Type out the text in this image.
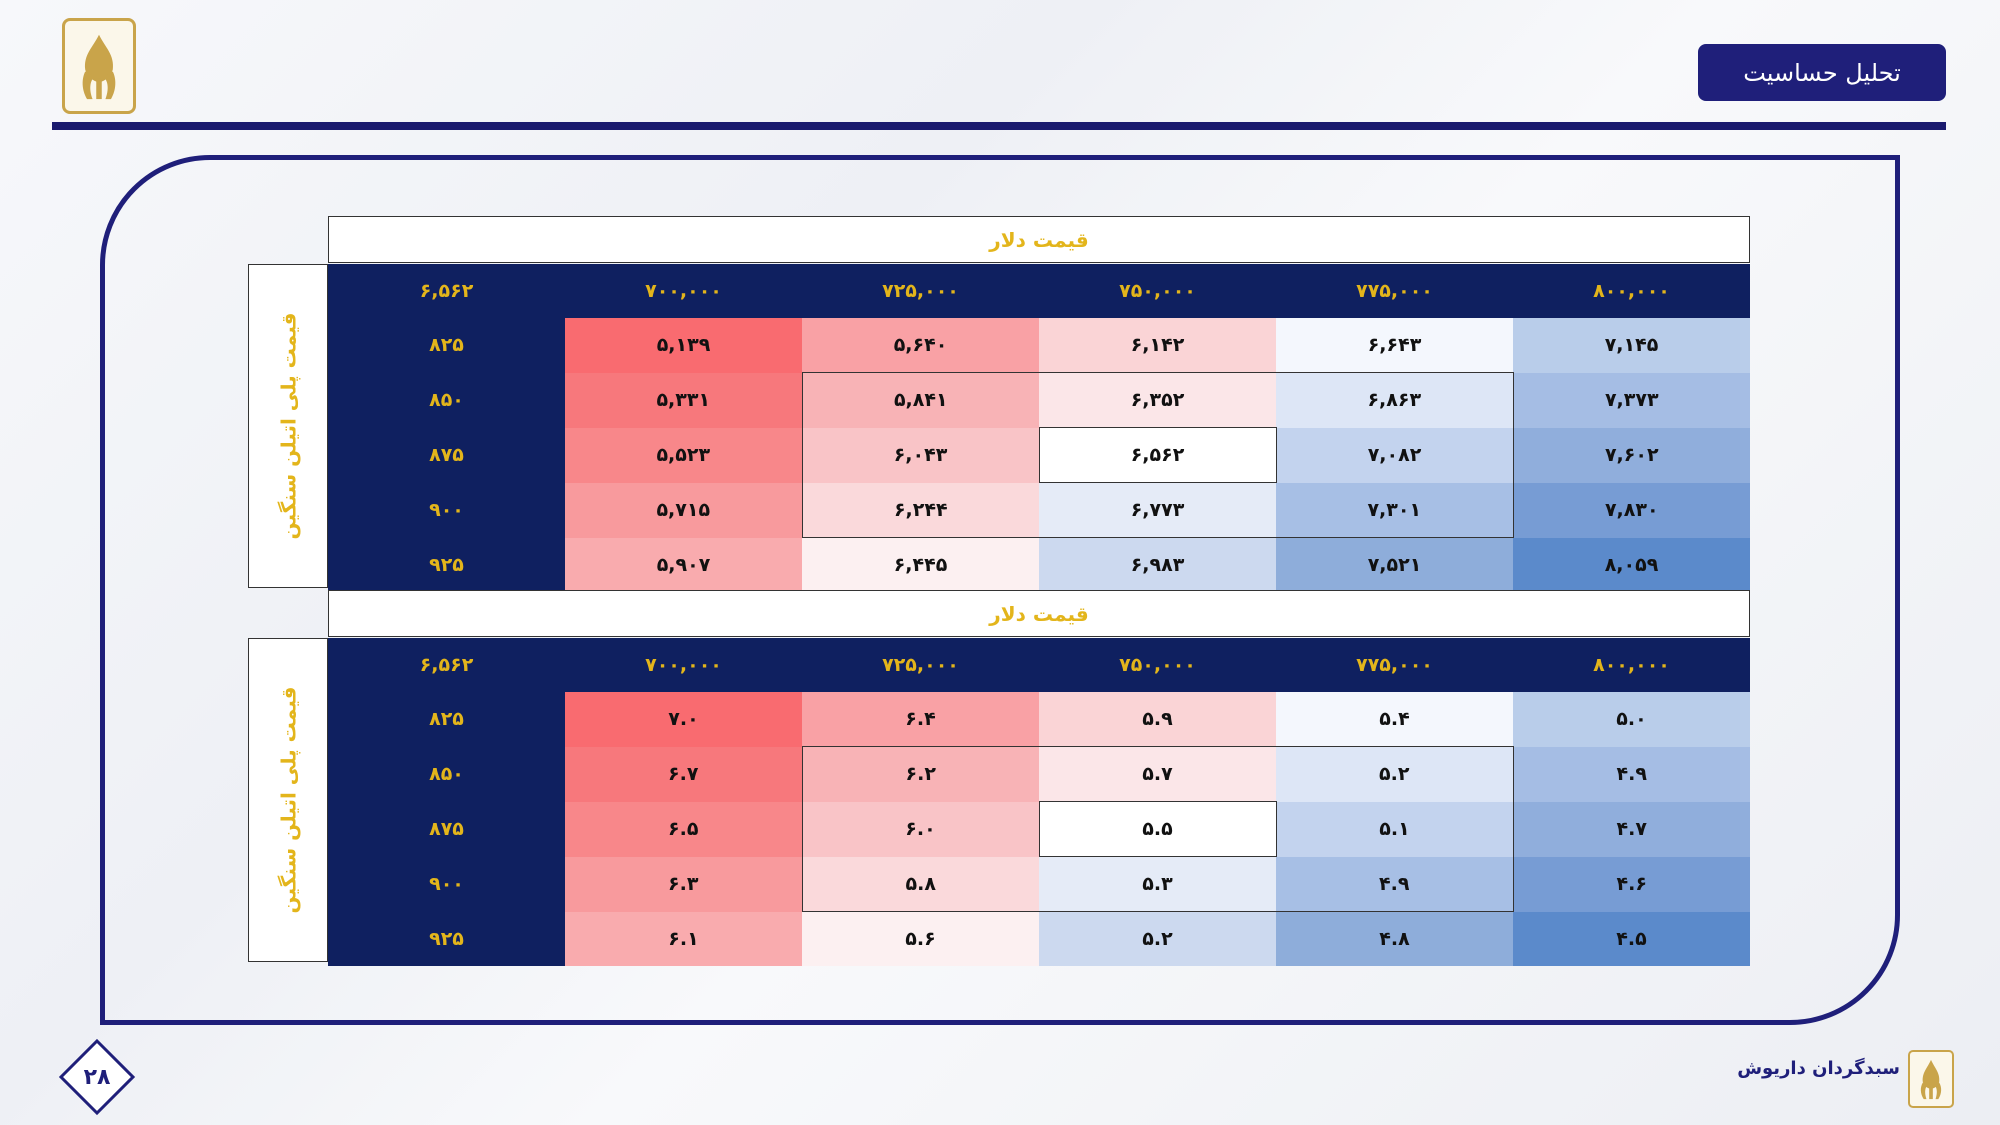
تحلیل حساسیت
قیمت دلار
قیمت پلی اتیلن سنگین
۶,۵۶۲	۷۰۰,۰۰۰	۷۲۵,۰۰۰	۷۵۰,۰۰۰	۷۷۵,۰۰۰	۸۰۰,۰۰۰
۸۲۵	۵,۱۳۹	۵,۶۴۰	۶,۱۴۲	۶,۶۴۳	۷,۱۴۵
۸۵۰	۵,۳۳۱	۵,۸۴۱	۶,۳۵۲	۶,۸۶۳	۷,۳۷۳
۸۷۵	۵,۵۲۳	۶,۰۴۳	۶,۵۶۲	۷,۰۸۲	۷,۶۰۲
۹۰۰	۵,۷۱۵	۶,۲۴۴	۶,۷۷۳	۷,۳۰۱	۷,۸۳۰
۹۲۵	۵,۹۰۷	۶,۴۴۵	۶,۹۸۳	۷,۵۲۱	۸,۰۵۹
قیمت دلار
قیمت پلی اتیلن سنگین
۶,۵۶۲	۷۰۰,۰۰۰	۷۲۵,۰۰۰	۷۵۰,۰۰۰	۷۷۵,۰۰۰	۸۰۰,۰۰۰
۸۲۵	۷.۰	۶.۴	۵.۹	۵.۴	۵.۰
۸۵۰	۶.۷	۶.۲	۵.۷	۵.۲	۴.۹
۸۷۵	۶.۵	۶.۰	۵.۵	۵.۱	۴.۷
۹۰۰	۶.۳	۵.۸	۵.۳	۴.۹	۴.۶
۹۲۵	۶.۱	۵.۶	۵.۲	۴.۸	۴.۵
۲۸	سبدگردان داریوش
